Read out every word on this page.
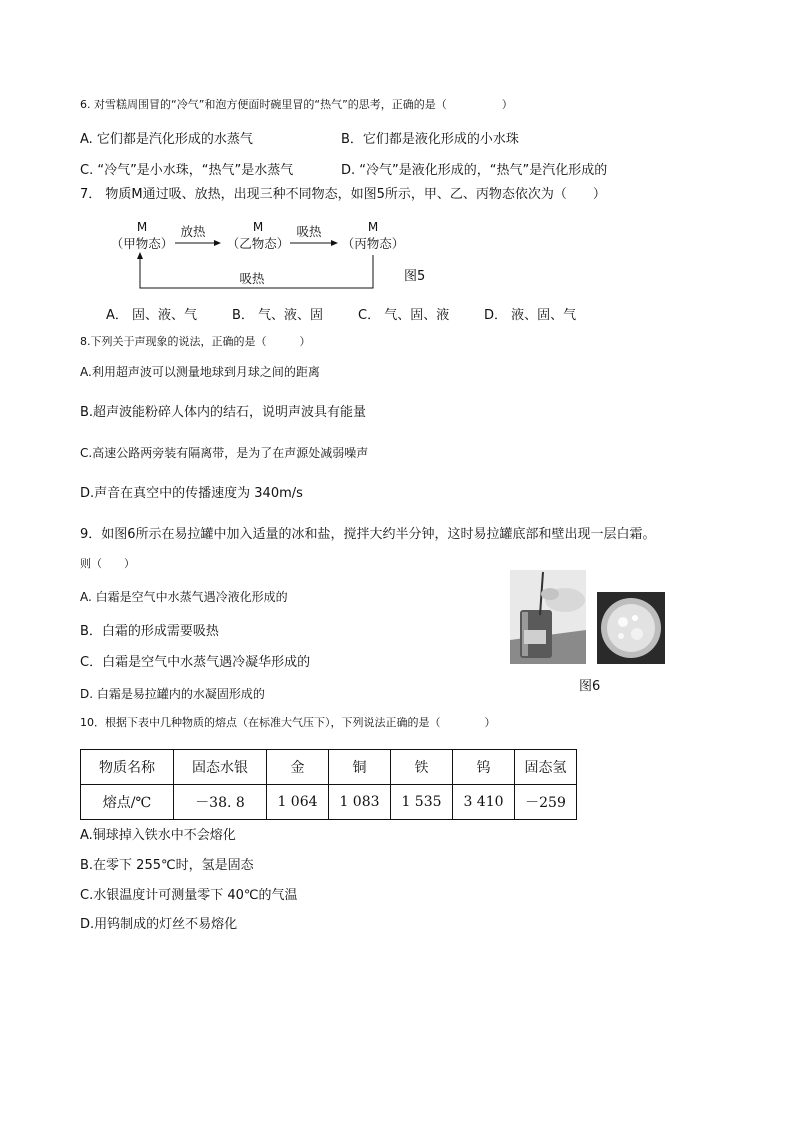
6. 对雪糕周围冒的“冷气”和泡方便面时碗里冒的“热气”的思考，正确的是（　　　　　）
A. 它们都是汽化形成的水蒸气	B．它们都是液化形成的小水珠
C. “冷气”是小水珠，“热气”是水蒸气	D. “冷气”是液化形成的，“热气”是汽化形成的
7． 物质M通过吸、放热，出现三种不同物态，如图5所示，甲、乙、丙物态依次为（　　）
M	M	M
（甲物态）	（乙物态）	（丙物态）
放热	吸热
吸热	图5
A． 固、液、气	B． 气、液、固	C． 气、固、液	D． 液、固、气
8.下列关于声现象的说法，正确的是（　　　）
A.利用超声波可以测量地球到月球之间的距离
B.超声波能粉碎人体内的结石，说明声波具有能量
C.高速公路两旁装有隔离带，是为了在声源处减弱噪声
D.声音在真空中的传播速度为 340m/s
9．如图6所示在易拉罐中加入适量的冰和盐，搅拌大约半分钟，这时易拉罐底部和壁出现一层白霜。
则（　　）
A. 白霜是空气中水蒸气遇冷液化形成的
B．白霜的形成需要吸热
C．白霜是空气中水蒸气遇冷凝华形成的
D. 白霜是易拉罐内的水凝固形成的	图6
10．根据下表中几种物质的熔点（在标准大气压下），下列说法正确的是（　　　　）
物质名称	固态水银	金	铜	铁	钨	固态氢
熔点/℃	－38. 8	1 064	1 083	1 535	3 410	－259
A.铜球掉入铁水中不会熔化
B.在零下 255℃时，氢是固态
C.水银温度计可测量零下 40℃的气温
D.用钨制成的灯丝不易熔化
